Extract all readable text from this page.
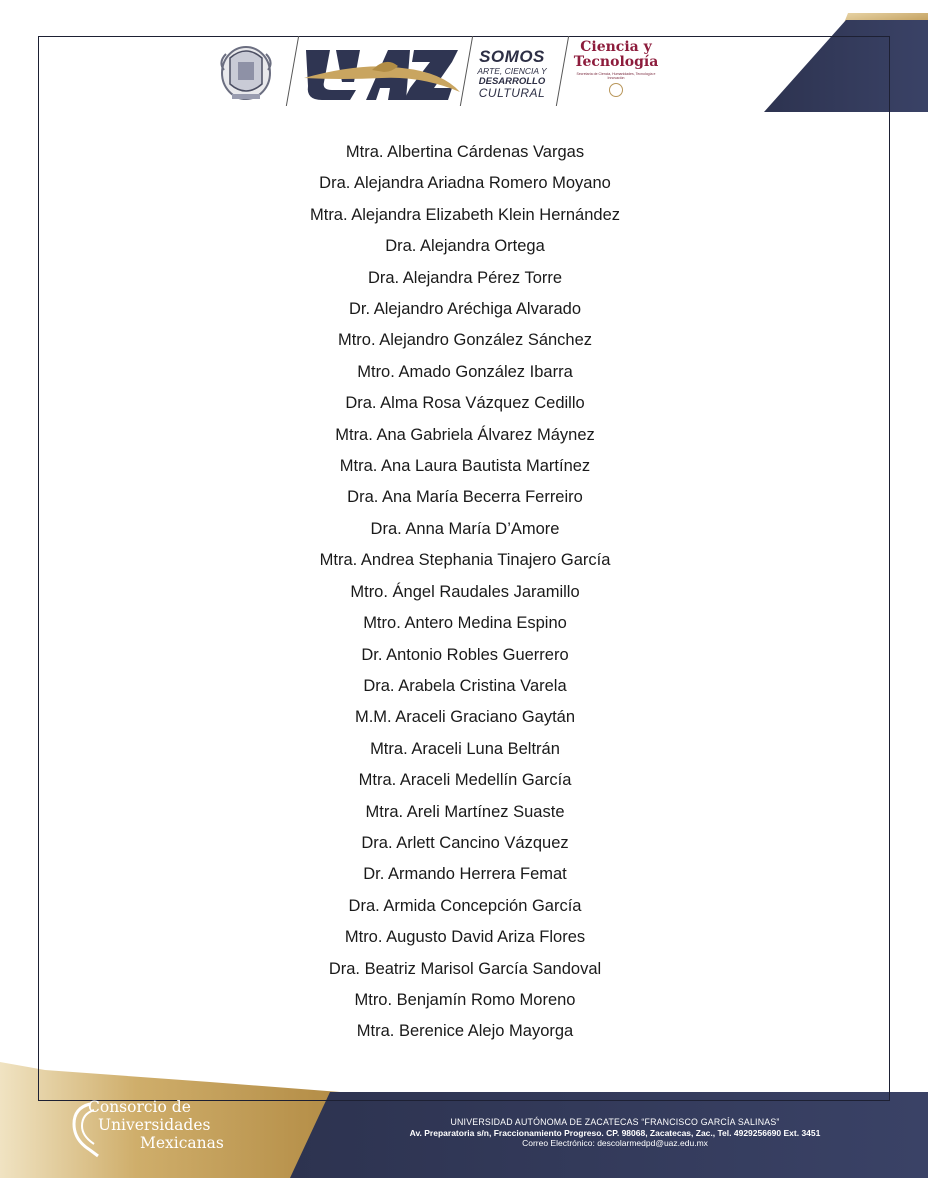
SOMOS
ARTE, CIENCIA Y
DESARROLLO
CULTURAL
Ciencia y
Tecnología
Secretaría de Ciencia, Humanidades, Tecnología e Innovación
Mtra. Albertina Cárdenas Vargas
Dra. Alejandra Ariadna Romero Moyano
Mtra. Alejandra Elizabeth Klein Hernández
Dra. Alejandra Ortega
Dra. Alejandra Pérez Torre
Dr. Alejandro Aréchiga Alvarado
Mtro. Alejandro González Sánchez
Mtro. Amado González Ibarra
Dra. Alma Rosa Vázquez Cedillo
Mtra. Ana Gabriela Álvarez Máynez
Mtra. Ana Laura Bautista Martínez
Dra. Ana María Becerra Ferreiro
Dra. Anna María D’Amore
Mtra. Andrea Stephania Tinajero García
Mtro. Ángel Raudales Jaramillo
Mtro. Antero Medina Espino
Dr. Antonio Robles Guerrero
Dra. Arabela Cristina Varela
M.M. Araceli Graciano Gaytán
Mtra. Araceli Luna Beltrán
Mtra. Araceli Medellín García
Mtra. Areli Martínez Suaste
Dra. Arlett Cancino Vázquez
Dr. Armando Herrera Femat
Dra. Armida Concepción García
Mtro. Augusto David Ariza Flores
Dra. Beatriz Marisol García Sandoval
Mtro. Benjamín Romo Moreno
Mtra. Berenice Alejo Mayorga
Consorcio de
Universidades
Mexicanas
UNIVERSIDAD AUTÓNOMA DE ZACATECAS “FRANCISCO GARCÍA SALINAS”
Av. Preparatoria s/n, Fraccionamiento Progreso. CP. 98068, Zacatecas, Zac., Tel. 4929256690 Ext. 3451
Correo Electrónico: descolarmedpd@uaz.edu.mx
